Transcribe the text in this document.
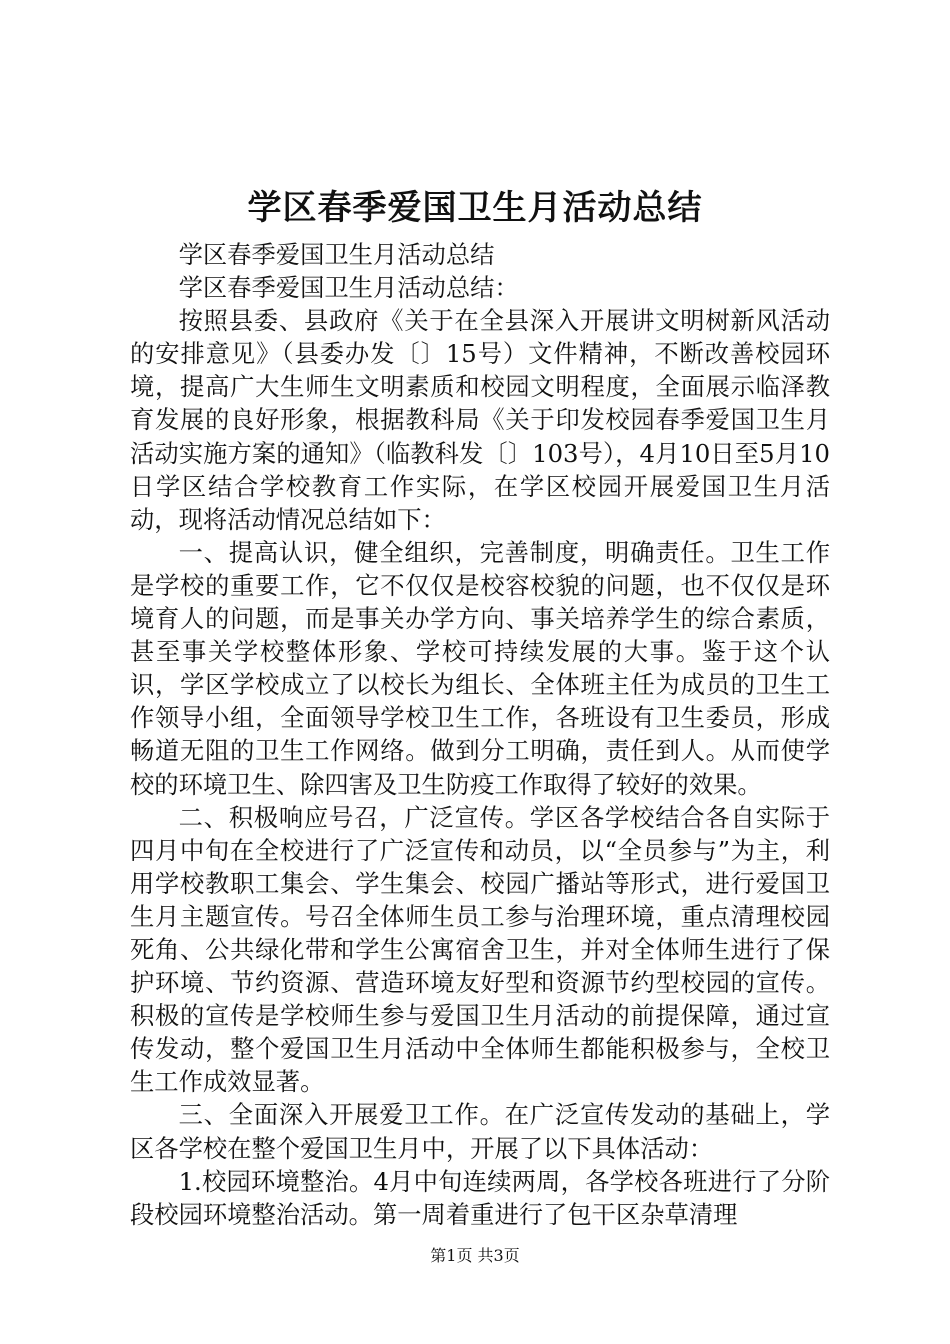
学区春季爱国卫生月活动总结

学区春季爱国卫生月活动总结

学区春季爱国卫生月活动总结：

按照县委、县政府《关于在全县深入开展讲文明树新风活动的安排意见》（县委办发〔〕15号）文件精神，不断改善校园环境，提高广大生师生文明素质和校园文明程度，全面展示临泽教育发展的良好形象，根据教科局《关于印发校园春季爱国卫生月活动实施方案的通知》（临教科发〔〕103号），4月10日至5月10日学区结合学校教育工作实际，在学区校园开展爱国卫生月活动，现将活动情况总结如下：

一、提高认识，健全组织，完善制度，明确责任。卫生工作是学校的重要工作，它不仅仅是校容校貌的问题，也不仅仅是环境育人的问题，而是事关办学方向、事关培养学生的综合素质，甚至事关学校整体形象、学校可持续发展的大事。鉴于这个认识，学区学校成立了以校长为组长、全体班主任为成员的卫生工作领导小组，全面领导学校卫生工作，各班设有卫生委员，形成畅道无阻的卫生工作网络。做到分工明确，责任到人。从而使学校的环境卫生、除四害及卫生防疫工作取得了较好的效果。

二、积极响应号召，广泛宣传。学区各学校结合各自实际于四月中旬在全校进行了广泛宣传和动员，以“全员参与”为主，利用学校教职工集会、学生集会、校园广播站等形式，进行爱国卫生月主题宣传。号召全体师生员工参与治理环境，重点清理校园死角、公共绿化带和学生公寓宿舍卫生，并对全体师生进行了保护环境、节约资源、营造环境友好型和资源节约型校园的宣传。积极的宣传是学校师生参与爱国卫生月活动的前提保障，通过宣传发动，整个爱国卫生月活动中全体师生都能积极参与，全校卫生工作成效显著。

三、全面深入开展爱卫工作。在广泛宣传发动的基础上，学区各学校在整个爱国卫生月中，开展了以下具体活动：

1.校园环境整治。4月中旬连续两周，各学校各班进行了分阶段校园环境整治活动。第一周着重进行了包干区杂草清理

第1页 共3页
